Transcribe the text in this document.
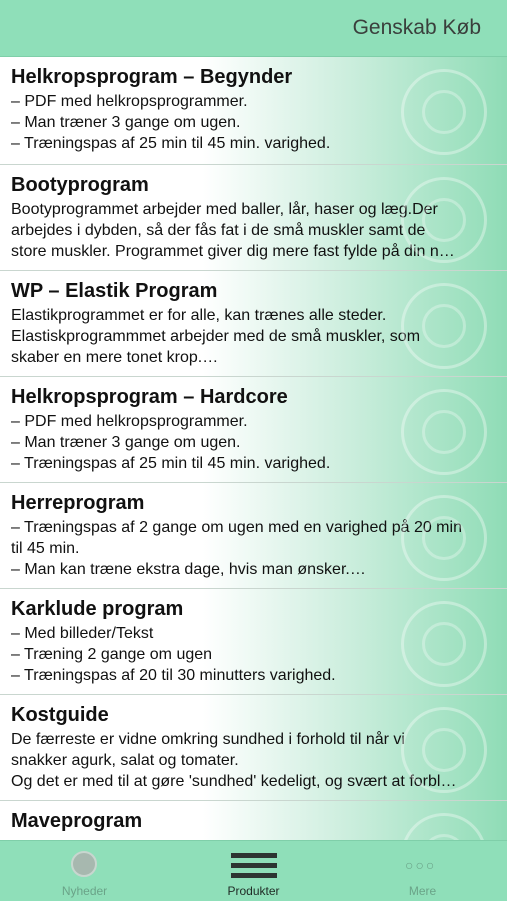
Genskab Køb
Helkropsprogram – Begynder
– PDF med helkropsprogrammer.
– Man træner 3 gange om ugen.
– Træningspas af 25 min til 45 min. varighed.
Bootyprogram
Bootyprogrammet arbejder med baller, lår, haser og læg.Der
arbejdes i dybden, så der fås fat i de små muskler samt de
store muskler. Programmet giver dig mere fast fylde på din n…
WP – Elastik Program
Elastikprogrammet er for alle, kan trænes alle steder.
Elastiskprogrammmet arbejder med de små muskler, som
skaber en mere tonet krop.…
Helkropsprogram – Hardcore
– PDF med helkropsprogrammer.
– Man træner 3 gange om ugen.
– Træningspas af 25 min til 45 min. varighed.
Herreprogram
– Træningspas af 2 gange om ugen med en varighed på 20 min
til 45 min.
– Man kan træne ekstra dage, hvis man ønsker.…
Karklude program
– Med billeder/Tekst
– Træning 2 gange om ugen
– Træningspas af 20 til 30 minutters varighed.
Kostguide
De færreste er vidne omkring sundhed i forhold til når vi
snakker agurk, salat og tomater.
Og det er med til at gøre 'sundhed' kedeligt, og svært at forbl…
Maveprogram
Nyheder	Produkter
○○○
Mere
